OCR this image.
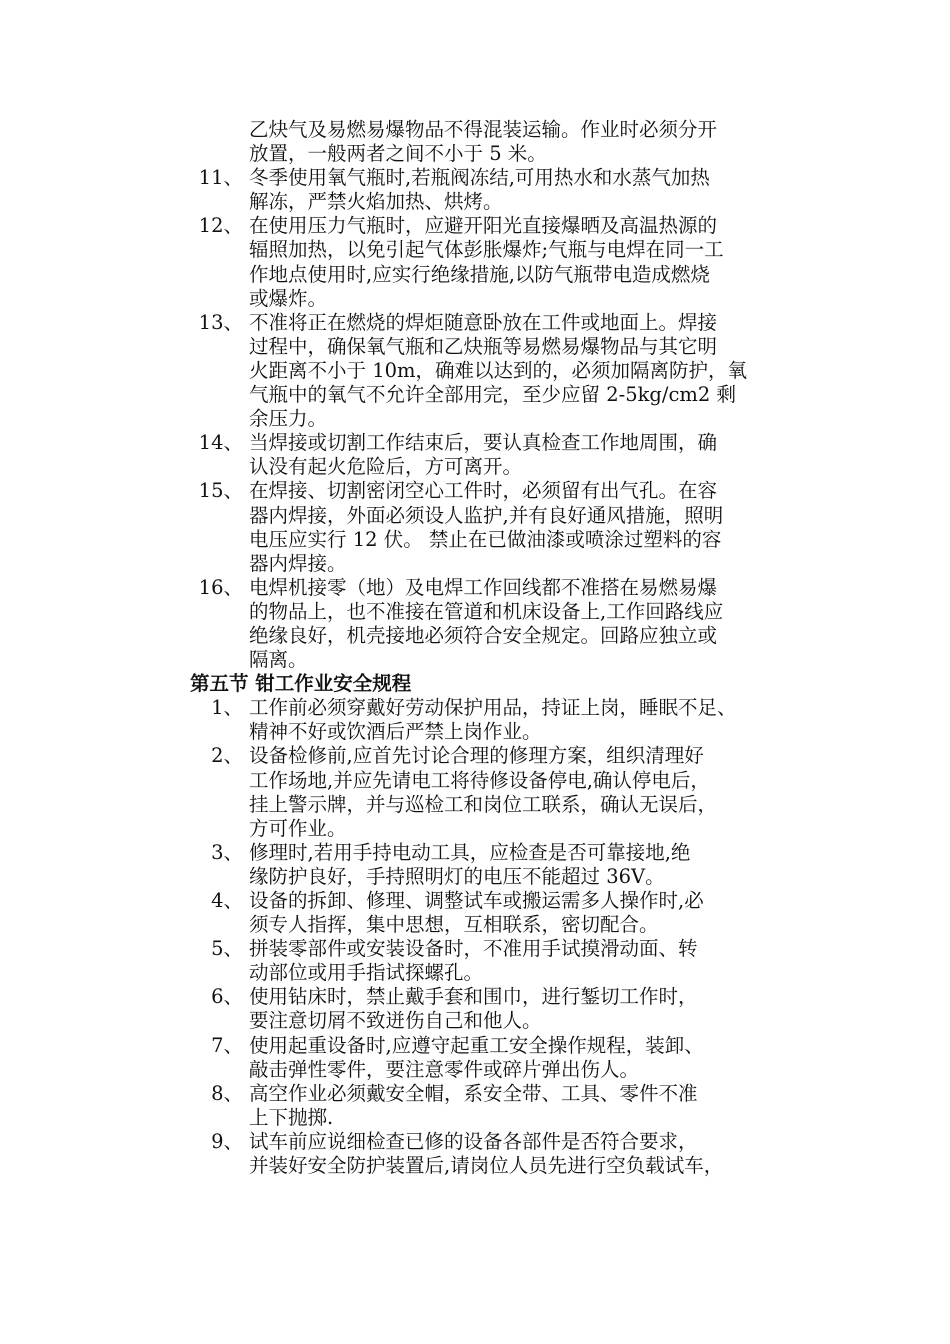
乙炔气及易燃易爆物品不得混装运输。作业时必须分开
放置，一般两者之间不小于 5 米。
11、 冬季使用氧气瓶时,若瓶阀冻结,可用热水和水蒸气加热
解冻，严禁火焰加热、烘烤。
12、 在使用压力气瓶时，应避开阳光直接爆晒及高温热源的
辐照加热，以免引起气体彭胀爆炸;气瓶与电焊在同一工
作地点使用时,应实行绝缘措施,以防气瓶带电造成燃烧
或爆炸。
13、 不准将正在燃烧的焊炬随意卧放在工件或地面上。焊接
过程中，确保氧气瓶和乙炔瓶等易燃易爆物品与其它明
火距离不小于 10m，确难以达到的，必须加隔离防护，氧
气瓶中的氧气不允许全部用完，至少应留 2-5kg/cm2 剩
余压力。
14、 当焊接或切割工作结束后，要认真检查工作地周围，确
认没有起火危险后，方可离开。
15、 在焊接、切割密闭空心工件时，必须留有出气孔。在容
器内焊接，外面必须设人监护,并有良好通风措施，照明
电压应实行 12 伏。 禁止在已做油漆或喷涂过塑料的容
器内焊接。
16、 电焊机接零（地）及电焊工作回线都不准搭在易燃易爆
的物品上，也不准接在管道和机床设备上,工作回路线应
绝缘良好，机壳接地必须符合安全规定。回路应独立或
隔离。
第五节 钳工作业安全规程
1、 工作前必须穿戴好劳动保护用品，持证上岗，睡眠不足、
精神不好或饮酒后严禁上岗作业。
2、 设备检修前,应首先讨论合理的修理方案，组织清理好
工作场地,并应先请电工将待修设备停电,确认停电后，
挂上警示牌，并与巡检工和岗位工联系，确认无误后，
方可作业。
3、 修理时,若用手持电动工具，应检查是否可靠接地,绝
缘防护良好，手持照明灯的电压不能超过 36V。
4、 设备的拆卸、修理、调整试车或搬运需多人操作时,必
须专人指挥，集中思想，互相联系，密切配合。
5、 拼装零部件或安装设备时，不准用手试摸滑动面、转
动部位或用手指试探螺孔。
6、 使用钻床时，禁止戴手套和围巾，进行錾切工作时，
要注意切屑不致迸伤自己和他人。
7、 使用起重设备时,应遵守起重工安全操作规程，装卸、
敲击弹性零件，要注意零件或碎片弹出伤人。
8、 高空作业必须戴安全帽，系安全带、工具、零件不准
上下抛掷.
9、 试车前应说细检查已修的设备各部件是否符合要求，
并装好安全防护装置后,请岗位人员先进行空负载试车，
